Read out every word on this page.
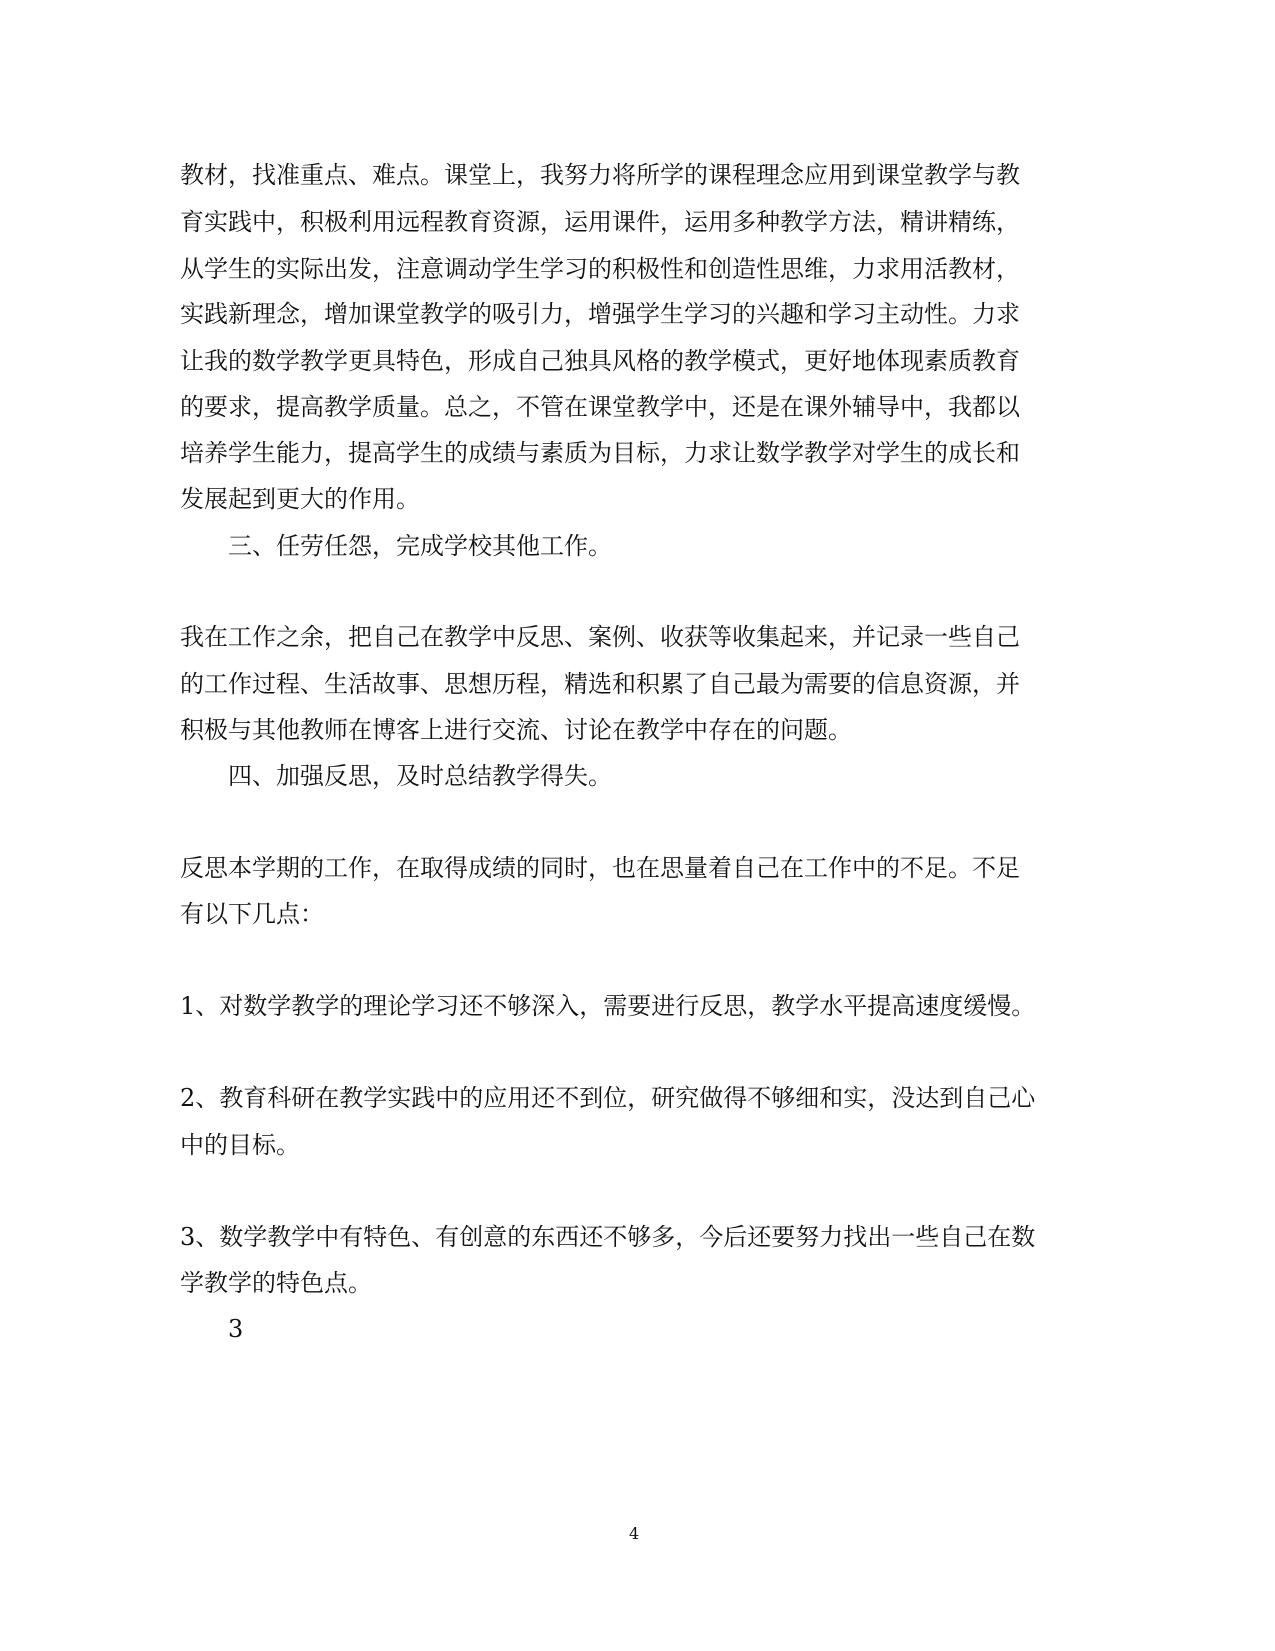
教材，找准重点、难点。课堂上，我努力将所学的课程理念应用到课堂教学与教
育实践中，积极利用远程教育资源，运用课件，运用多种教学方法，精讲精练，
从学生的实际出发，注意调动学生学习的积极性和创造性思维，力求用活教材，
实践新理念，增加课堂教学的吸引力，增强学生学习的兴趣和学习主动性。力求
让我的数学教学更具特色，形成自己独具风格的教学模式，更好地体现素质教育
的要求，提高教学质量。总之，不管在课堂教学中，还是在课外辅导中，我都以
培养学生能力，提高学生的成绩与素质为目标，力求让数学教学对学生的成长和
发展起到更大的作用。
三、任劳任怨，完成学校其他工作。
我在工作之余，把自己在教学中反思、案例、收获等收集起来，并记录一些自己
的工作过程、生活故事、思想历程，精选和积累了自己最为需要的信息资源，并
积极与其他教师在博客上进行交流、讨论在教学中存在的问题。
四、加强反思，及时总结教学得失。
反思本学期的工作，在取得成绩的同时，也在思量着自己在工作中的不足。不足
有以下几点：
1、对数学教学的理论学习还不够深入，需要进行反思，教学水平提高速度缓慢。
2、教育科研在教学实践中的应用还不到位，研究做得不够细和实，没达到自己心
中的目标。
3、数学教学中有特色、有创意的东西还不够多，今后还要努力找出一些自己在数
学教学的特色点。
3
4
